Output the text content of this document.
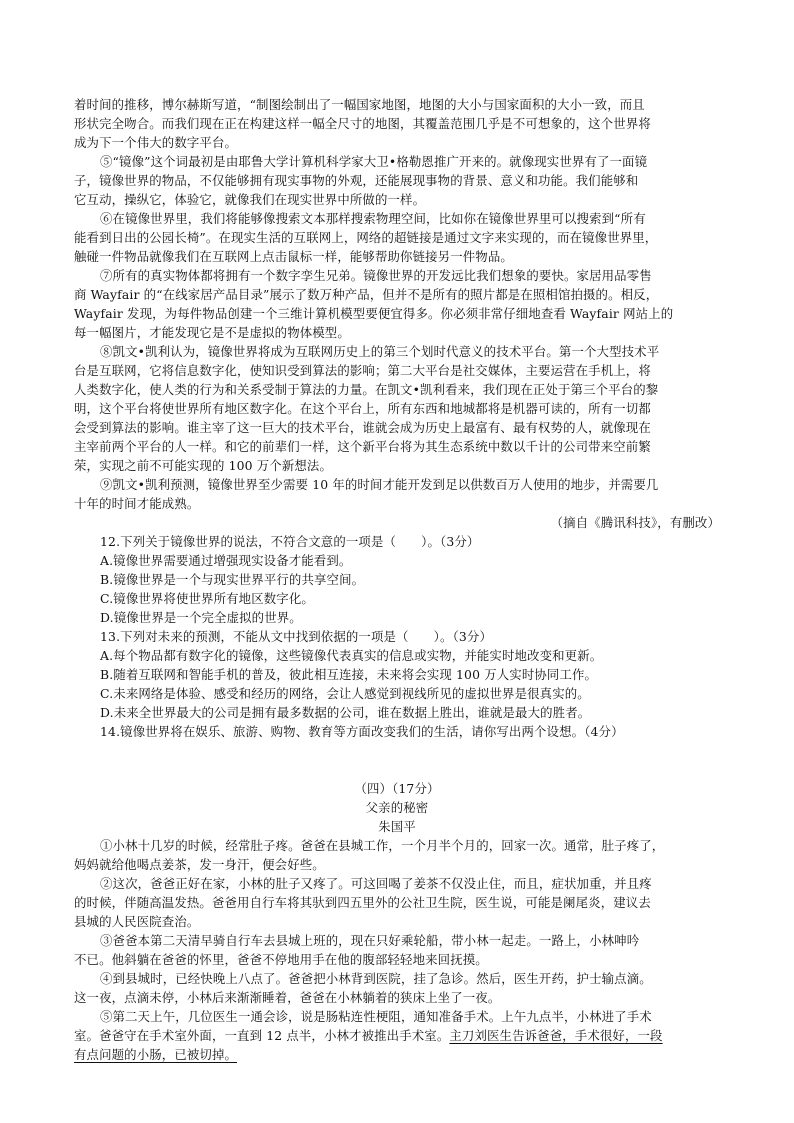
着时间的推移，博尔赫斯写道，“制图绘制出了一幅国家地图，地图的大小与国家面积的大小一致，而且
形状完全吻合。而我们现在正在构建这样一幅全尺寸的地图，其覆盖范围几乎是不可想象的，这个世界将
成为下一个伟大的数字平台。
⑤“镜像”这个词最初是由耶鲁大学计算机科学家大卫•格勒恩推广开来的。就像现实世界有了一面镜
子，镜像世界的物品，不仅能够拥有现实事物的外观，还能展现事物的背景、意义和功能。我们能够和
它互动，操纵它，体验它，就像我们在现实世界中所做的一样。
⑥在镜像世界里，我们将能够像搜索文本那样搜索物理空间，比如你在镜像世界里可以搜索到“所有
能看到日出的公园长椅”。在现实生活的互联网上，网络的超链接是通过文字来实现的，而在镜像世界里，
触碰一件物品就像我们在互联网上点击鼠标一样，能够帮助你链接另一件物品。
⑦所有的真实物体都将拥有一个数字孪生兄弟。镜像世界的开发远比我们想象的要快。家居用品零售
商 Wayfair 的“在线家居产品目录”展示了数万种产品，但并不是所有的照片都是在照相馆拍摄的。相反，
Wayfair 发现，为每件物品创建一个三维计算机模型要便宜得多。你必须非常仔细地查看 Wayfair 网站上的
每一幅图片，才能发现它是不是虚拟的物体模型。
⑧凯文•凯利认为，镜像世界将成为互联网历史上的第三个划时代意义的技术平台。第一个大型技术平
台是互联网，它将信息数字化，使知识受到算法的影响；第二大平台是社交媒体，主要运营在手机上，将
人类数字化，使人类的行为和关系受制于算法的力量。在凯文•凯利看来，我们现在正处于第三个平台的黎
明，这个平台将使世界所有地区数字化。在这个平台上，所有东西和地城都将是机器可读的，所有一切都
会受到算法的影响。谁主宰了这一巨大的技术平台，谁就会成为历史上最富有、最有权势的人，就像现在
主宰前两个平台的人一样。和它的前辈们一样，这个新平台将为其生态系统中数以千计的公司带来空前繁
荣，实现之前不可能实现的 100 万个新想法。
⑨凯文•凯利预测，镜像世界至少需要 10 年的时间才能开发到足以供数百万人使用的地步，并需要几
十年的时间才能成熟。
（摘自《腾讯科技》，有删改）
12.下列关于镜像世界的说法，不符合文意的一项是（　　）。（3分）
A.镜像世界需要通过增强现实设备才能看到。
B.镜像世界是一个与现实世界平行的共享空间。
C.镜像世界将使世界所有地区数字化。
D.镜像世界是一个完全虚拟的世界。
13.下列对未来的预测，不能从文中找到依据的一项是（　　）。（3分）
A.每个物品都有数字化的镜像，这些镜像代表真实的信息或实物，并能实时地改变和更新。
B.随着互联网和智能手机的普及，彼此相互连接，未来将会实现 100 万人实时协同工作。
C.未来网络是体验、感受和经历的网络，会让人感觉到视线所见的虚拟世界是很真实的。
D.未来全世界最大的公司是拥有最多数据的公司，谁在数据上胜出，谁就是最大的胜者。
14.镜像世界将在娱乐、旅游、购物、教育等方面改变我们的生活，请你写出两个设想。（4分）
（四）（17分）
父亲的秘密
朱国平
①小林十几岁的时候，经常肚子疼。爸爸在县城工作，一个月半个月的，回家一次。通常，肚子疼了，
妈妈就给他喝点姜茶，发一身汗，便会好些。
②这次，爸爸正好在家，小林的肚子又疼了。可这回喝了姜茶不仅没止住，而且，症状加重，并且疼
的时候，伴随高温发热。爸爸用自行车将其驮到四五里外的公社卫生院，医生说，可能是阑尾炎，建议去
县城的人民医院查治。
③爸爸本第二天清早骑自行车去县城上班的，现在只好乘轮船，带小林一起走。一路上，小林呻吟
不已。他斜躺在爸爸的怀里，爸爸不停地用手在他的腹部轻轻地来回抚摸。
④到县城时，已经快晚上八点了。爸爸把小林背到医院，挂了急诊。然后，医生开药，护士输点滴。
这一夜，点滴未停，小林后来渐渐睡着，爸爸在小林躺着的狭床上坐了一夜。
⑤第二天上午，几位医生一通会诊，说是肠粘连性梗阻，通知准备手术。上午九点半，小林进了手术
室。爸爸守在手术室外面，一直到 12 点半，小林才被推出手术室。主刀刘医生告诉爸爸，手术很好，一段
有点问题的小肠，已被切掉。
